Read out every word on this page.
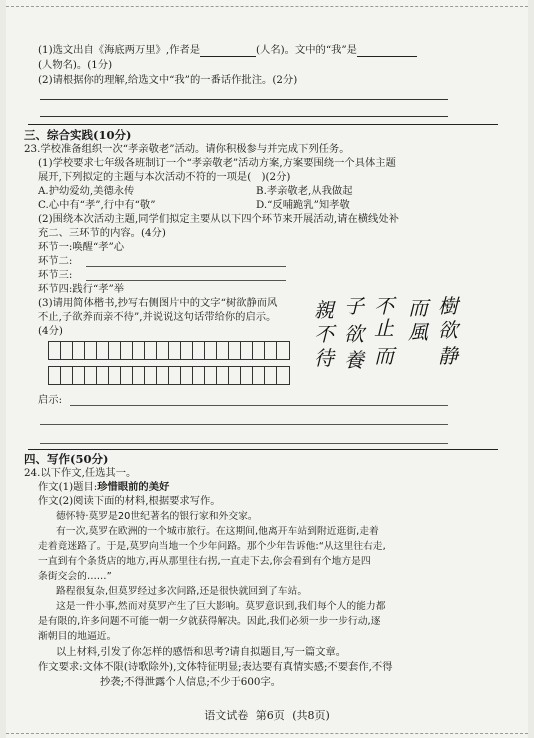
(1)选文出自《海底两万里》,作者是	(人名)。文中的“我”是
(人物名)。(1分)
(2)请根据你的理解,给选文中“我”的一番话作批注。(2分)
三、综合实践(10分)
23.学校准备组织一次“孝亲敬老”活动。请你积极参与并完成下列任务。
(1)学校要求七年级各班制订一个“孝亲敬老”活动方案,方案要围绕一个具体主题
展开,下列拟定的主题与本次活动不符的一项是(　)(2分)
A.护幼爱幼,美德永传	B.孝亲敬老,从我做起
C.心中有“孝”,行中有“敬”	D.“反哺跪乳”知孝敬
(2)围绕本次活动主题,同学们拟定主要从以下四个环节来开展活动,请在横线处补
充二、三环节的内容。(4分)
环节一:唤醒“孝”心
环节二:
环节三:
环节四:践行“孝”举
(3)请用简体楷书,抄写右侧图片中的文字“树欲静而风
不止,子欲养而亲不待”,并说说这句话带给你的启示。
(4分)
親
不
待
子
欲
養
不
止
而
而
風
樹
欲
静
启示:
四、写作(50分)
24.以下作文,任选其一。
作文(1)题目:珍惜眼前的美好
作文(2)阅读下面的材料,根据要求写作。
德怀特·莫罗是20世纪著名的银行家和外交家。
有一次,莫罗在欧洲的一个城市旅行。在这期间,他离开车站到附近逛街,走着
走着竟迷路了。于是,莫罗向当地一个少年问路。那个少年告诉他:“从这里往右走,
一直到有个条货店的地方,再从那里往右拐,一直走下去,你会看到有个地方是四
条街交会的……”
路程很复杂,但莫罗经过多次问路,还是很快就回到了车站。
这是一件小事,然而对莫罗产生了巨大影响。莫罗意识到,我们每个人的能力都
是有限的,许多问题不可能一朝一夕就获得解决。因此,我们必须一步一步行动,逐
渐朝目的地逼近。
以上材料,引发了你怎样的感悟和思考?请自拟题目,写一篇文章。
作文要求:文体不限(诗歌除外),文体特征明显;表达要有真情实感;不要套作,不得
抄袭;不得泄露个人信息;不少于600字。
语文试卷 第6页 (共8页)
